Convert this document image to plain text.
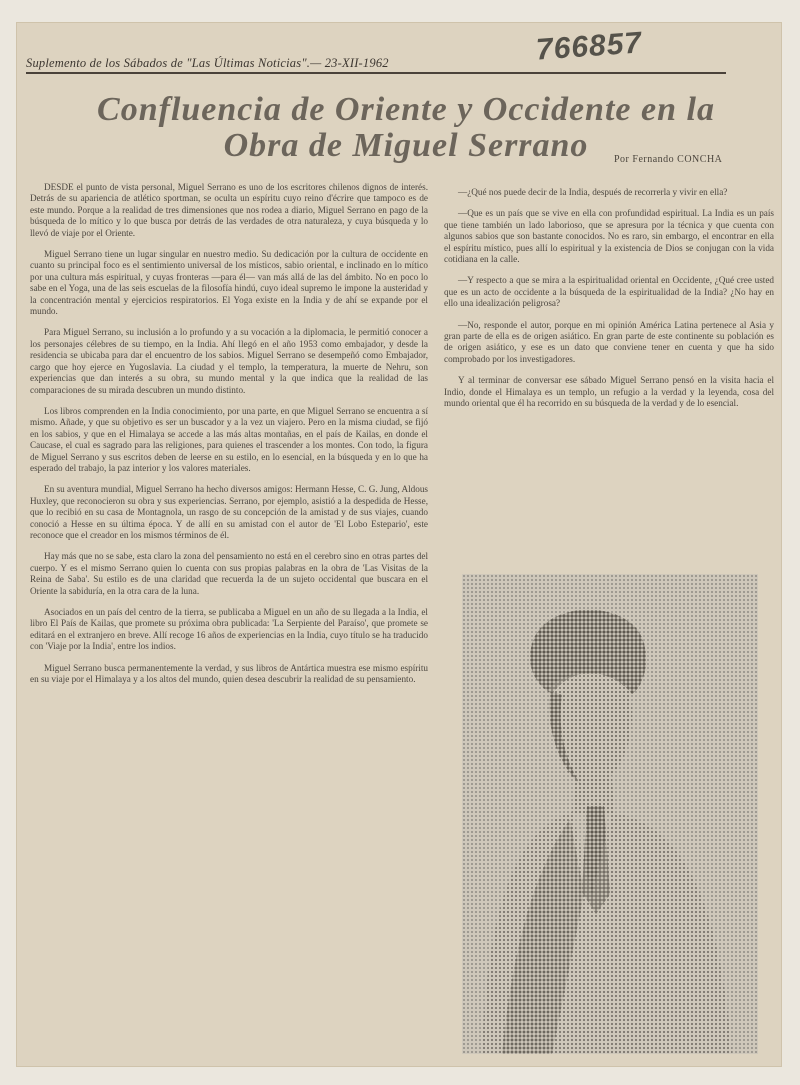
Suplemento de los Sábados de "Las Últimas Noticias".— 23-XII-1962	766857
Confluencia de Oriente y Occidente en la
Obra de Miguel Serrano	Por Fernando CONCHA

DESDE el punto de vista personal, Miguel Serrano es uno de los escritores chilenos dignos de interés. Detrás de su apariencia de atlético sportman, se oculta un espíritu cuyo reino d'écrire que tampoco es de este mundo. Porque a la realidad de tres dimensiones que nos rodea a diario, Miguel Serrano en pago de la búsqueda de lo mítico y lo que busca por detrás de las verdades de otra naturaleza, y cuya búsqueda y lo llevó de viaje por el Oriente.

Miguel Serrano tiene un lugar singular en nuestro medio. Su dedicación por la cultura de occidente en cuanto su principal foco es el sentimiento universal de los místicos, sabio oriental, e inclinado en lo mítico por una cultura más espiritual, y cuyas fronteras —para él— van más allá de las del ámbito. No en poco lo sabe en el Yoga, una de las seis escuelas de la filosofía hindú, cuyo ideal supremo le impone la austeridad y la concentración mental y ejercicios respiratorios. El Yoga existe en la India y de ahí se expande por el mundo.

Para Miguel Serrano, su inclusión a lo profundo y a su vocación a la diplomacia, le permitió conocer a los personajes célebres de su tiempo, en la India. Ahí llegó en el año 1953 como embajador, y desde la residencia se ubicaba para dar el encuentro de los sabios. Miguel Serrano se desempeñó como Embajador, cargo que hoy ejerce en Yugoslavia. La ciudad y el templo, la temperatura, la muerte de Nehru, son experiencias que dan interés a su obra, su mundo mental y la que indica que la realidad de las comparaciones de su mirada descubren un mundo distinto.

Los libros comprenden en la India conocimiento, por una parte, en que Miguel Serrano se encuentra a sí mismo. Añade, y que su objetivo es ser un buscador y a la vez un viajero. Pero en la misma ciudad, se fijó en los sabios, y que en el Himalaya se accede a las más altas montañas, en el país de Kailas, en donde el Caucase, el cual es sagrado para las religiones, para quienes el trascender a los montes. Con todo, la figura de Miguel Serrano y sus escritos deben de leerse en su estilo, en lo esencial, en la búsqueda y en lo que ha esperado del trabajo, la paz interior y los valores materiales.

En su aventura mundial, Miguel Serrano ha hecho diversos amigos: Hermann Hesse, C. G. Jung, Aldous Huxley, que reconocieron su obra y sus experiencias. Serrano, por ejemplo, asistió a la despedida de Hesse, que lo recibió en su casa de Montagnola, un rasgo de su concepción de la amistad y de sus viajes, cuando conoció a Hesse en su última época. Y de allí en su amistad con el autor de 'El Lobo Estepario', este reconoce que el creador en los mismos términos de él.

Hay más que no se sabe, esta claro la zona del pensamiento no está en el cerebro sino en otras partes del cuerpo. Y es el mismo Serrano quien lo cuenta con sus propias palabras en la obra de 'Las Visitas de la Reina de Saba'. Su estilo es de una claridad que recuerda la de un sujeto occidental que buscara en el Oriente la sabiduría, en la otra cara de la luna.

Asociados en un país del centro de la tierra, se publicaba a Miguel en un año de su llegada a la India, el libro El País de Kailas, que promete su próxima obra publicada: 'La Serpiente del Paraíso', que promete se editará en el extranjero en breve. Allí recoge 16 años de experiencias en la India, cuyo título se ha traducido con 'Viaje por la India', entre los indios.

Miguel Serrano busca permanentemente la verdad, y sus libros de Antártica muestra ese mismo espíritu en su viaje por el Himalaya y a los altos del mundo, quien desea descubrir la realidad de su pensamiento.

—¿Qué nos puede decir de la India, después de recorrerla y vivir en ella?

—Que es un país que se vive en ella con profundidad espiritual. La India es un país que tiene también un lado laborioso, que se apresura por la técnica y que cuenta con algunos sabios que son bastante conocidos. No es raro, sin embargo, el encontrar en ella el espíritu místico, pues allí lo espiritual y la existencia de Dios se conjugan con la vida cotidiana en la calle.

—Y respecto a que se mira a la espiritualidad oriental en Occidente, ¿Qué cree usted que es un acto de occidente a la búsqueda de la espiritualidad de la India? ¿No hay en ello una idealización peligrosa?

—No, responde el autor, porque en mi opinión América Latina pertenece al Asia y gran parte de ella es de origen asiático. En gran parte de este continente su población es de origen asiático, y ese es un dato que conviene tener en cuenta y que ha sido comprobado por los investigadores.

Y al terminar de conversar ese sábado Miguel Serrano pensó en la visita hacia el Indio, donde el Himalaya es un templo, un refugio a la verdad y la leyenda, cosa del mundo oriental que él ha recorrido en su búsqueda de la verdad y de lo esencial.
